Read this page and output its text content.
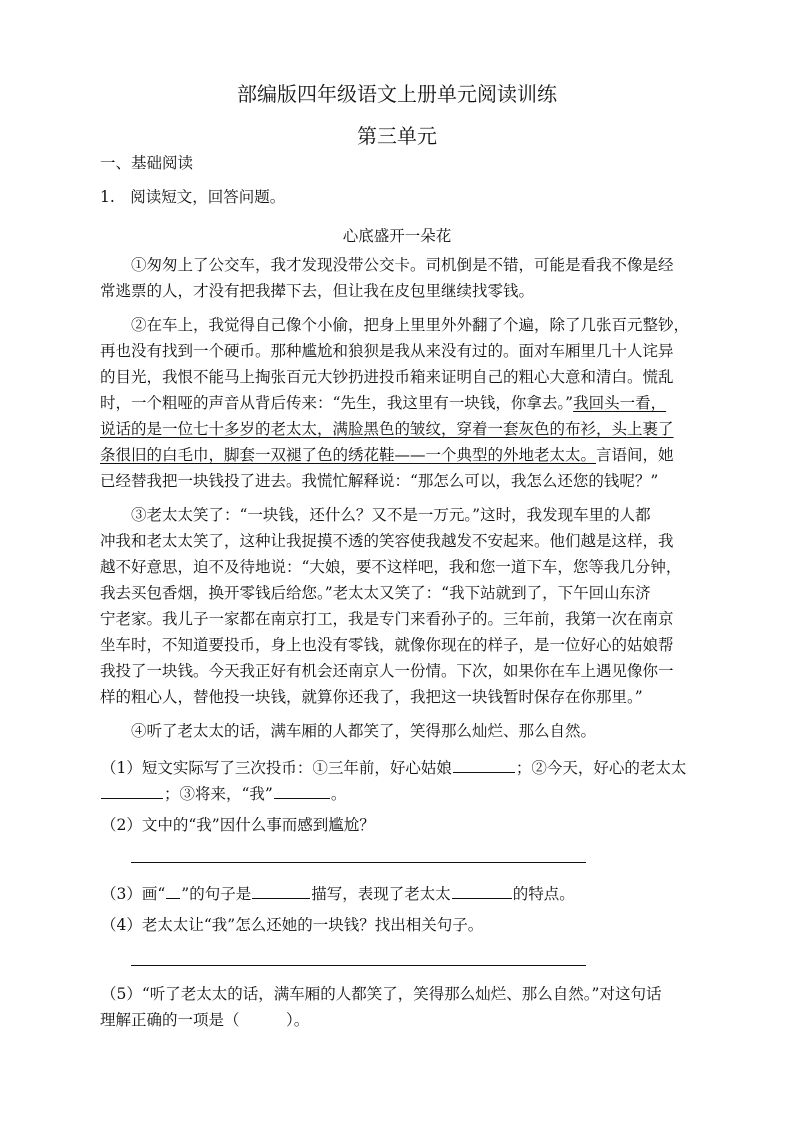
部编版四年级语文上册单元阅读训练
第三单元
一、基础阅读
1.　阅读短文，回答问题。
心底盛开一朵花
①匆匆上了公交车，我才发现没带公交卡。司机倒是不错，可能是看我不像是经
常逃票的人，才没有把我撵下去，但让我在皮包里继续找零钱。
②在车上，我觉得自己像个小偷，把身上里里外外翻了个遍，除了几张百元整钞，
再也没有找到一个硬币。那种尴尬和狼狈是我从来没有过的。面对车厢里几十人诧异
的目光，我恨不能马上掏张百元大钞扔进投币箱来证明自己的粗心大意和清白。慌乱
时，一个粗哑的声音从背后传来：“先生，我这里有一块钱，你拿去。”我回头一看，
说话的是一位七十多岁的老太太，满脸黑色的皱纹，穿着一套灰色的布衫，头上裹了
条很旧的白毛巾，脚套一双褪了色的绣花鞋——一个典型的外地老太太。言语间，她
已经替我把一块钱投了进去。我慌忙解释说：“那怎么可以，我怎么还您的钱呢？”
③老太太笑了：“一块钱，还什么？又不是一万元。”这时，我发现车里的人都
冲我和老太太笑了，这种让我捉摸不透的笑容使我越发不安起来。他们越是这样，我
越不好意思，迫不及待地说：“大娘，要不这样吧，我和您一道下车，您等我几分钟，
我去买包香烟，换开零钱后给您。”老太太又笑了：“我下站就到了，下午回山东济
宁老家。我儿子一家都在南京打工，我是专门来看孙子的。三年前，我第一次在南京
坐车时，不知道要投币，身上也没有零钱，就像你现在的样子，是一位好心的姑娘帮
我投了一块钱。今天我正好有机会还南京人一份情。下次，如果你在车上遇见像你一
样的粗心人，替他投一块钱，就算你还我了，我把这一块钱暂时保存在你那里。”
④听了老太太的话，满车厢的人都笑了，笑得那么灿烂、那么自然。
（1）短文实际写了三次投币：①三年前，好心姑娘	；②今天，好心的老太太
；③将来，“我”	。
（2）文中的“我”因什么事而感到尴尬？
（3）画“ ”的句子是	描写，表现了老太太	的特点。
（4）老太太让“我”怎么还她的一块钱？找出相关句子。
（5）“听了老太太的话，满车厢的人都笑了，笑得那么灿烂、那么自然。”对这句话
理解正确的一项是（　　　）。
